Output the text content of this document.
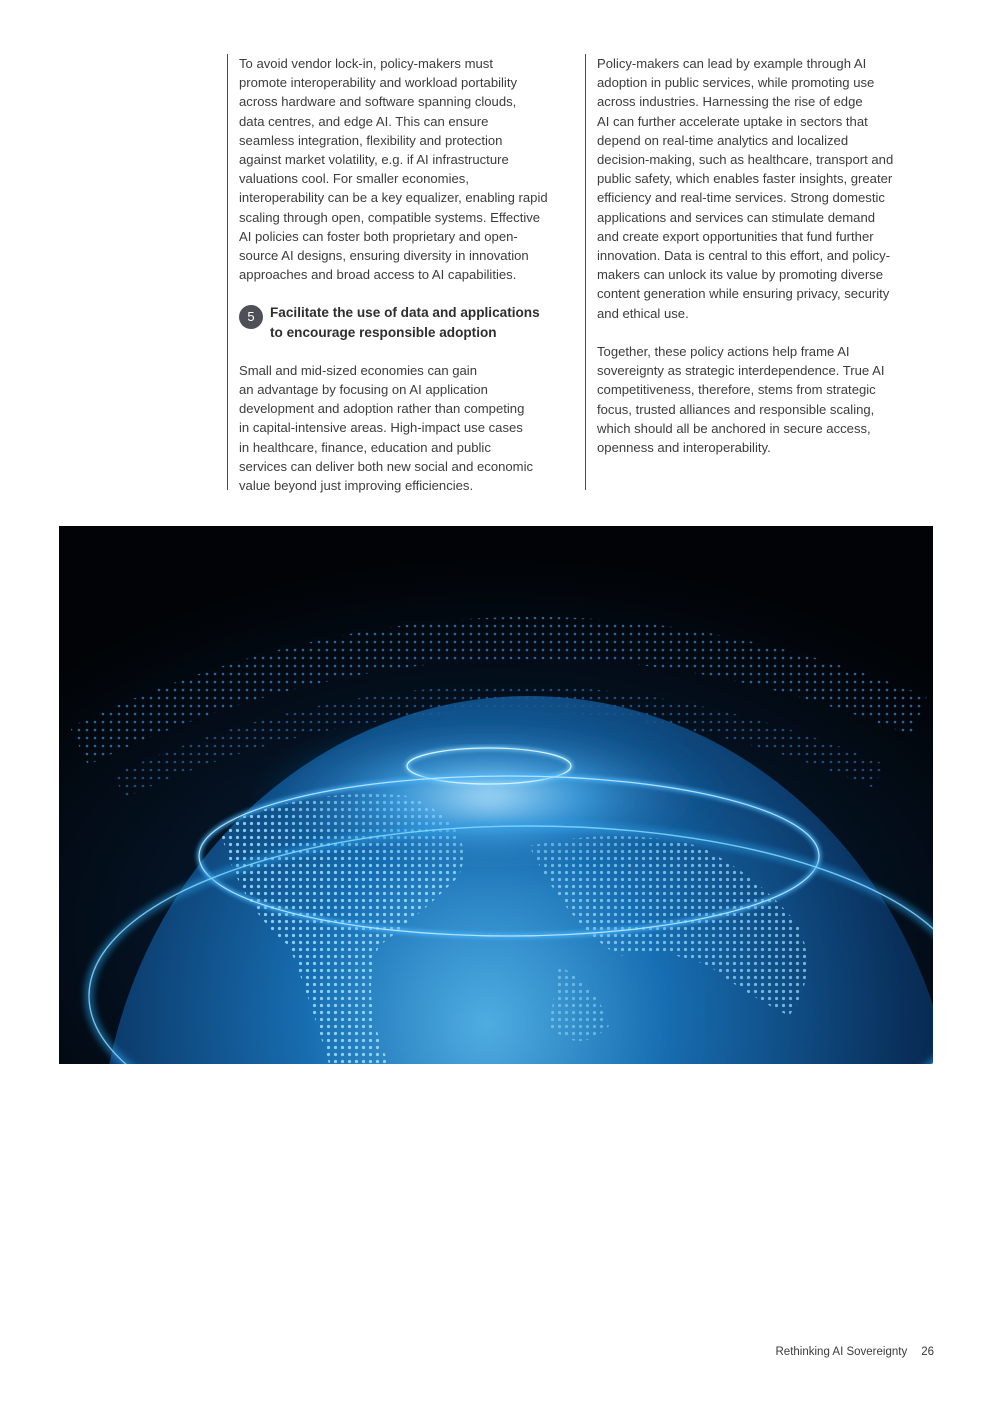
To avoid vendor lock-in, policy-makers must
promote interoperability and workload portability
across hardware and software spanning clouds,
data centres, and edge AI. This can ensure
seamless integration, flexibility and protection
against market volatility, e.g. if AI infrastructure
valuations cool. For smaller economies,
interoperability can be a key equalizer, enabling rapid
scaling through open, compatible systems. Effective
AI policies can foster both proprietary and open-
source AI designs, ensuring diversity in innovation
approaches and broad access to AI capabilities.

5	Facilitate the use of data and applications
to encourage responsible adoption

Small and mid-sized economies can gain
an advantage by focusing on AI application
development and adoption rather than competing
in capital-intensive areas. High-impact use cases
in healthcare, finance, education and public
services can deliver both new social and economic
value beyond just improving efficiencies.

Policy-makers can lead by example through AI
adoption in public services, while promoting use
across industries. Harnessing the rise of edge
AI can further accelerate uptake in sectors that
depend on real-time analytics and localized
decision-making, such as healthcare, transport and
public safety, which enables faster insights, greater
efficiency and real-time services. Strong domestic
applications and services can stimulate demand
and create export opportunities that fund further
innovation. Data is central to this effort, and policy-
makers can unlock its value by promoting diverse
content generation while ensuring privacy, security
and ethical use.

Together, these policy actions help frame AI
sovereignty as strategic interdependence. True AI
competitiveness, therefore, stems from strategic
focus, trusted alliances and responsible scaling,
which should all be anchored in secure access,
openness and interoperability.

Rethinking AI Sovereignty 26
